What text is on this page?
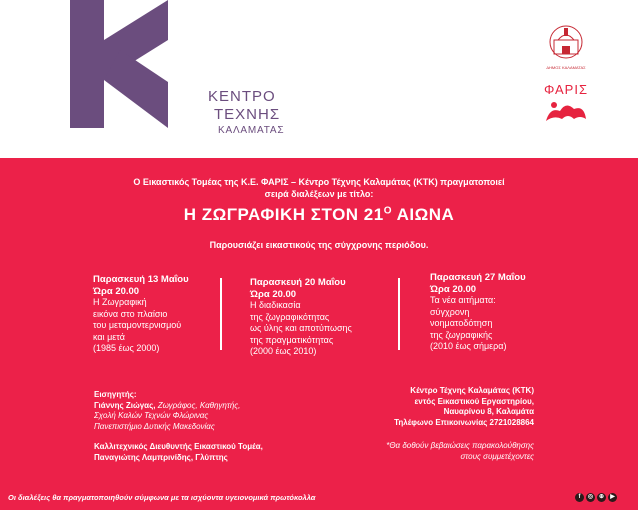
ΚΕΝΤΡΟ
ΤΕΧΝΗΣ
ΚΑΛΑΜΑΤΑΣ
ΔΗΜΟΣ ΚΑΛΑΜΑΤΑΣ
ΦΑΡΙΣ
Ο Εικαστικός Τομέας της Κ.Ε. ΦΑΡΙΣ – Κέντρο Τέχνης Καλαμάτας (ΚΤΚ) πραγματοποιεί
σειρά διαλέξεων με τίτλο:
Η ΖΩΓΡΑΦΙΚΗ ΣΤΟΝ $21^O$ ΑΙΩΝΑ
Παρουσιάζει εικαστικούς της σύγχρονης περιόδου.
Παρασκευή 13 Μαΐου
Ώρα 20.00
Η Ζωγραφική
εικόνα στο πλαίσιο
του μεταμοντερνισμού
και μετά
(1985 έως 2000)
Παρασκευή 20 Μαΐου
Ώρα 20.00
Η διαδικασία
της ζωγραφικότητας
ως ύλης και αποτύπωσης
της πραγματικότητας
(2000 έως 2010)
Παρασκευή 27 Μαΐου
Ώρα 20.00
Τα νέα αιτήματα:
σύγχρονη
νοηματοδότηση
της ζωγραφικής
(2010 έως σήμερα)
Εισηγητής:
Γιάννης Ζιώγας, Ζωγράφος, Καθηγητής,
Σχολή Καλών Τεχνών Φλώρινας
Πανεπιστήμιο Δυτικής Μακεδονίας
Καλλιτεχνικός Διευθυντής Εικαστικού Τομέα,
Παναγιώτης Λαμπρινίδης, Γλύπτης
Κέντρο Τέχνης Καλαμάτας (ΚΤΚ)
εντός Εικαστικού Εργαστηρίου,
Ναυαρίνου 8, Καλαμάτα
Τηλέφωνο Επικοινωνίας 2721028864
*Θα δοθούν βεβαιώσεις παρακολούθησης
στους συμμετέχοντες
Οι διαλέξεις θα πραγματοποιηθούν σύμφωνα με τα ισχύοντα υγειονομικά πρωτόκολλα	f	◎ ⊕	▶
